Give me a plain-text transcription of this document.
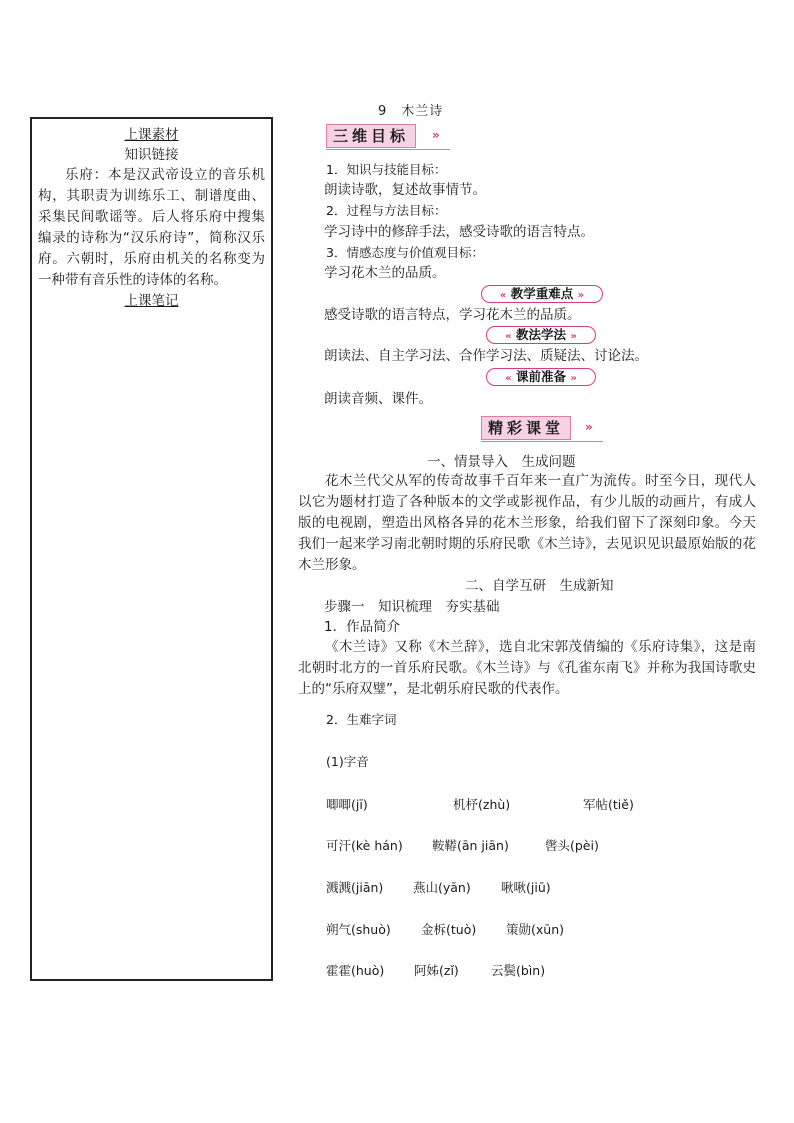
9　木兰诗
上课素材
知识链接
乐府：本是汉武帝设立的音乐机构，其职责为训练乐工、制谱度曲、采集民间歌谣等。后人将乐府中搜集编录的诗称为“汉乐府诗”，简称汉乐府。六朝时，乐府由机关的名称变为一种带有音乐性的诗体的名称。
上课笔记
三维目标	»
1．知识与技能目标：
朗读诗歌，复述故事情节。
2．过程与方法目标：
学习诗中的修辞手法，感受诗歌的语言特点。
3．情感态度与价值观目标：
学习花木兰的品质。
« 教学重难点 »
感受诗歌的语言特点，学习花木兰的品质。
« 教法学法 »
朗读法、自主学习法、合作学习法、质疑法、讨论法。
« 课前准备 »
朗读音频、课件。
精彩课堂	»
一、情景导入　生成问题
花木兰代父从军的传奇故事千百年来一直广为流传。时至今日，现代人以它为题材打造了各种版本的文学或影视作品，有少儿版的动画片，有成人版的电视剧，塑造出风格各异的花木兰形象，给我们留下了深刻印象。今天我们一起来学习南北朝时期的乐府民歌《木兰诗》，去见识见识最原始版的花木兰形象。
二、自学互研　生成新知
步骤一　知识梳理　夯实基础
1．作品简介
《木兰诗》又称《木兰辞》，选自北宋郭茂倩编的《乐府诗集》，这是南北朝时北方的一首乐府民歌。《木兰诗》与《孔雀东南飞》并称为我国诗歌史上的“乐府双璧”，是北朝乐府民歌的代表作。
2．生难字词
(1)字音
唧唧(jī)	机杼(zhù)	军帖(tiě)
可汗(kè hán) 鞍鞯(ān jiān)	辔头(pèi)
溅溅(jiān) 燕山(yān) 啾啾(jiū)
朔气(shuò) 金柝(tuò) 策勋(xūn)
霍霍(huò) 阿姊(zǐ)	云鬓(bìn)
